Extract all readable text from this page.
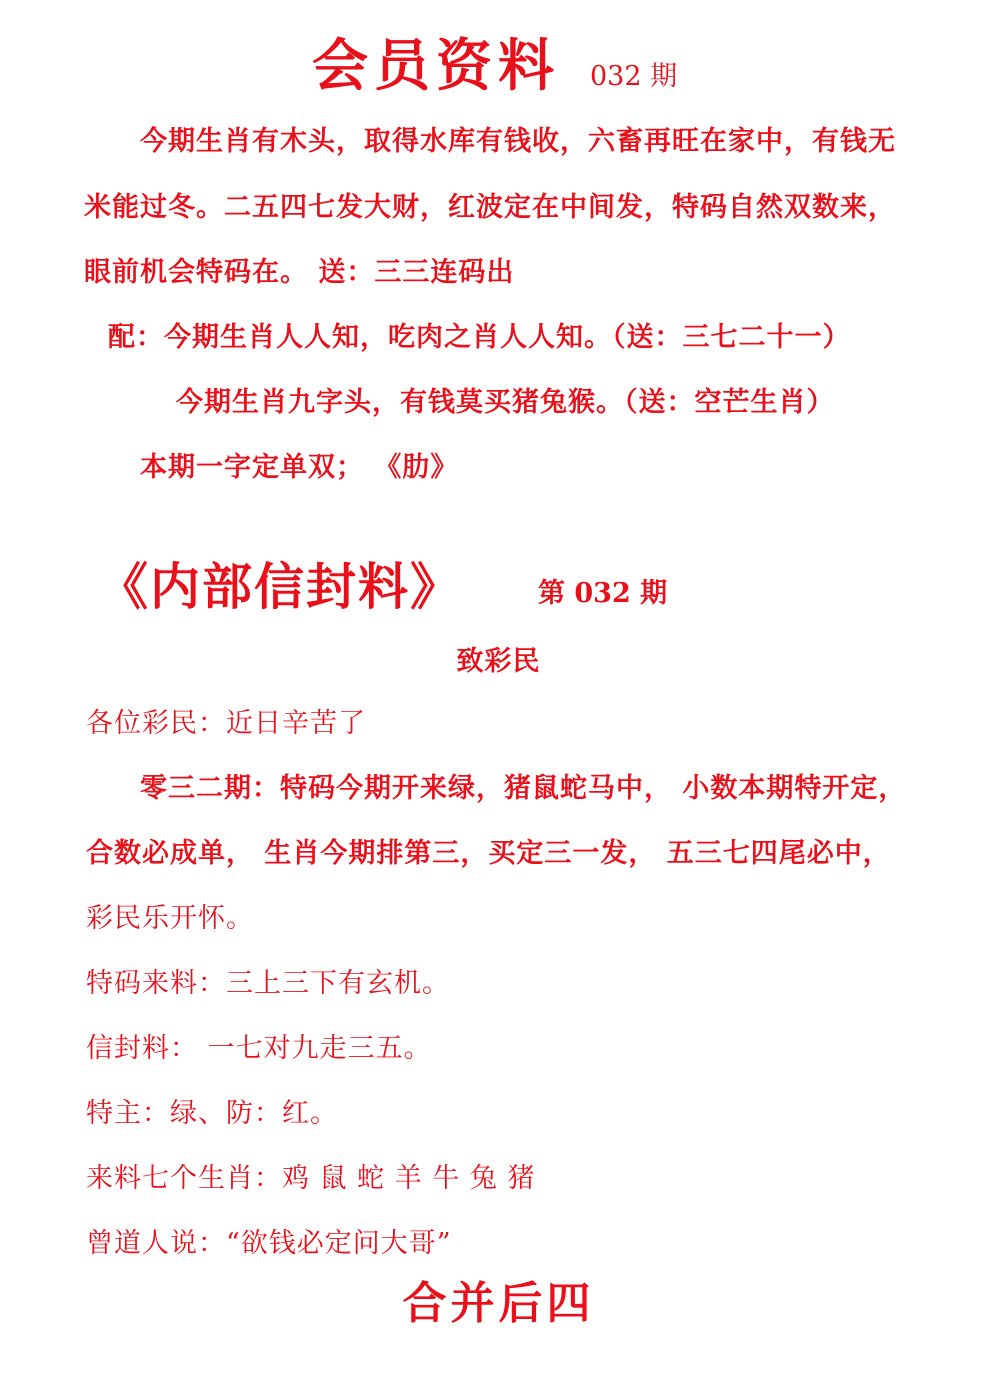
会员资料 032 期
今期生肖有木头，取得水库有钱收，六畜再旺在家中，有钱无
米能过冬。二五四七发大财，红波定在中间发，特码自然双数来，
眼前机会特码在。 送：三三连码出
配：今期生肖人人知，吃肉之肖人人知。（送：三七二十一）
今期生肖九字头，有钱莫买猪兔猴。（送：空芒生肖）
本期一字定单双； 《肋》
《内部信封料》	第 032 期
致彩民
各位彩民：近日辛苦了
零三二期：特码今期开来绿，猪鼠蛇马中， 小数本期特开定，
合数必成单， 生肖今期排第三，买定三一发， 五三七四尾必中，
彩民乐开怀。
特码来料：三上三下有玄机。
信封料： 一七对九走三五。
特主：绿、防：红。
来料七个生肖：鸡 鼠 蛇 羊 牛 兔 猪
曾道人说：“欲钱必定问大哥”
合并后四
